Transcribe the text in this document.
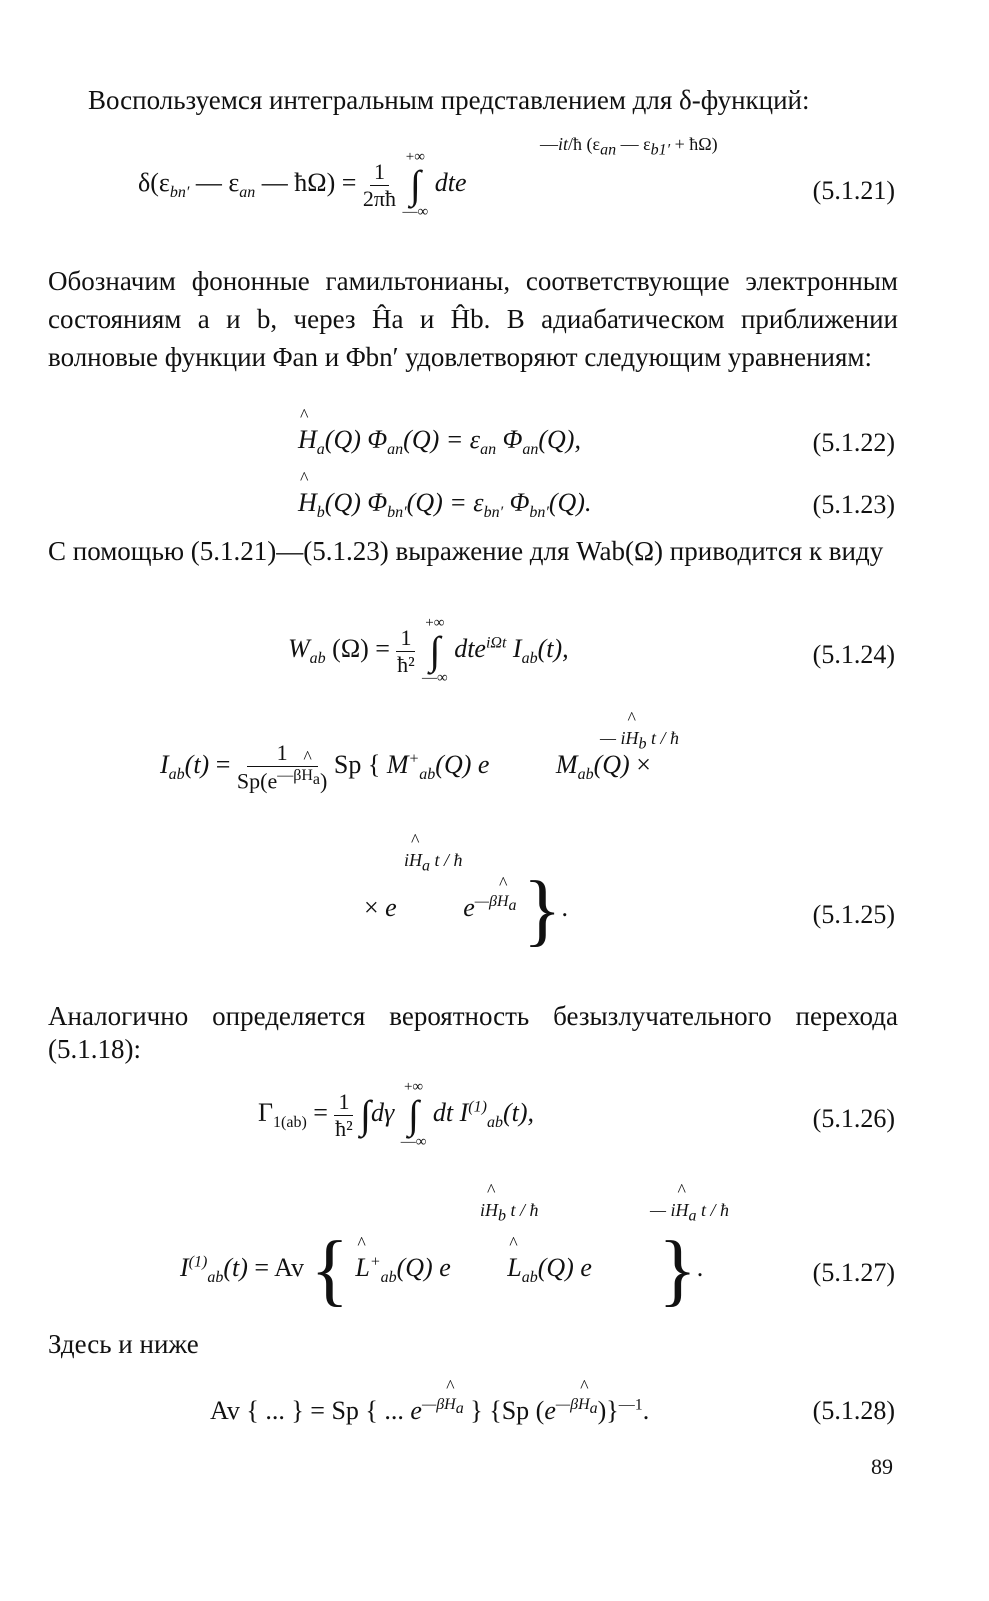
Воспользуемся интегральным представлением для δ-функций:

$\delta(\varepsilon_{bn'}$ — $\varepsilon_{an}$ — ħΩ) = $\frac{1}{2\pi ħ}$

+∞
∫
—∞
dte
—it/ħ ($\varepsilon_{an}$ — $\varepsilon_{b1'}$ + ħΩ)
(5.1.21)

Обозначим фононные гамильтонианы, соответствующие электронным состояниям a и b, через Ĥa и Ĥb. В адиабатическом приближении волновые функции Φan и Φbn′ удовлетворяют следующим уравнениям:

^ $H_a(Q) \Phi_{an}(Q) = \varepsilon_{an}$ $\Phi_{an}(Q)$,	(5.1.22)
^ $H_b(Q) \Phi_{bn'}(Q) = \varepsilon_{bn'}$ $\Phi_{bn'}(Q)$.	(5.1.23)

С помощью (5.1.21)—(5.1.23) выражение для Wab(Ω) приводится к виду

$W_{ab}$ $(\Omega) = \frac{1}{\text{ħ²}}$

+∞
∫
—∞
dte$^{i\Omega t}$ $I_{ab}(t)$,	(5.1.24)
$I_{ab}(t) = \frac{1}{Sp(e^{—\beta\^{} H_a})}$ Sp { $M^+_{ab}(Q)$ e
— i^ $H_b$ t / ħ
$M_{ab}(Q)$ ×
× e
i^ $H_a$ t / ħ
$e^{—\beta\^{} H_a}$ }.	(5.1.25)

Аналогично определяется вероятность безызлучательного перехода (5.1.18):

$\Gamma_{1(ab)} = \frac{1}{\text{ħ²}} \int d\gamma$
+∞
∫
—∞
dt $I^{(1)}_{ab}(t)$,	(5.1.26)
$I^{(1)}_{ab}(t) = Av$ { ^ $L^+_{ab}(Q)$ e
i^ $H_b$ t / ħ
^ $L_{ab}(Q)$ e
— i^ $H_a$ t / ħ
}.	(5.1.27)

Здесь и ниже

Av { ... } = Sp { ... $e^{—\beta\^{} H_a}$ } {Sp $(e^{—\beta\^{} H_a})\}^{—1}$.	(5.1.28)
89
